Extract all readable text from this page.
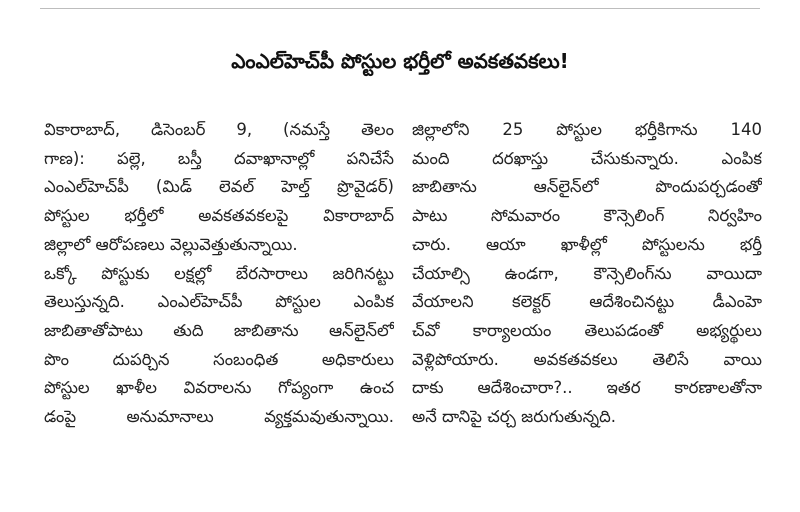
ఎంఎల్‌హెచ్‌పీ పోస్టుల భర్తీలో అవకతవకలు!
వికారాబాద్, డిసెంబర్ 9, (నమస్తే తెలం
గాణ): పల్లె, బస్తీ దవాఖానాల్లో పనిచేసే
ఎంఎల్‌హెచ్‌పీ (మిడ్ లెవల్ హెల్త్ ప్రొవైడర్)
పోస్టుల భర్తీలో అవకతవకలపై వికారాబాద్
జిల్లాలో ఆరోపణలు వెల్లువెత్తుతున్నాయి.
ఒక్కో పోస్టుకు లక్షల్లో బేరసారాలు జరిగినట్టు
తెలుస్తున్నది. ఎంఎల్‌హెచ్‌పీ పోస్టుల ఎంపిక
జాబితాతోపాటు తుది జాబితాను ఆన్‌లైన్‌లో
పొం దుపర్చిన సంబంధిత అధికారులు
పోస్టుల ఖాళీల వివరాలను గోప్యంగా ఉంచ
డంపై అనుమానాలు వ్యక్తమవుతున్నాయి.
జిల్లాలోని 25 పోస్టుల భర్తీకిగాను 140
మంది దరఖాస్తు చేసుకున్నారు. ఎంపిక
జాబితాను ఆన్‌లైన్‌లో పొందుపర్చడంతో
పాటు సోమవారం కౌన్సెలింగ్ నిర్వహిం
చారు. ఆయా ఖాళీల్లో పోస్టులను భర్తీ
చేయాల్సి ఉండగా, కౌన్సెలింగ్‌ను వాయిదా
వేయాలని కలెక్టర్ ఆదేశించినట్టు డీఎంహె
చ్‌వో కార్యాలయం తెలుపడంతో అభ్యర్థులు
వెళ్లిపోయారు. అవకతవకలు తెలిసే వాయి
దాకు ఆదేశించారా?.. ఇతర కారణాలతోనా
అనే దానిపై చర్చ జరుగుతున్నది.
